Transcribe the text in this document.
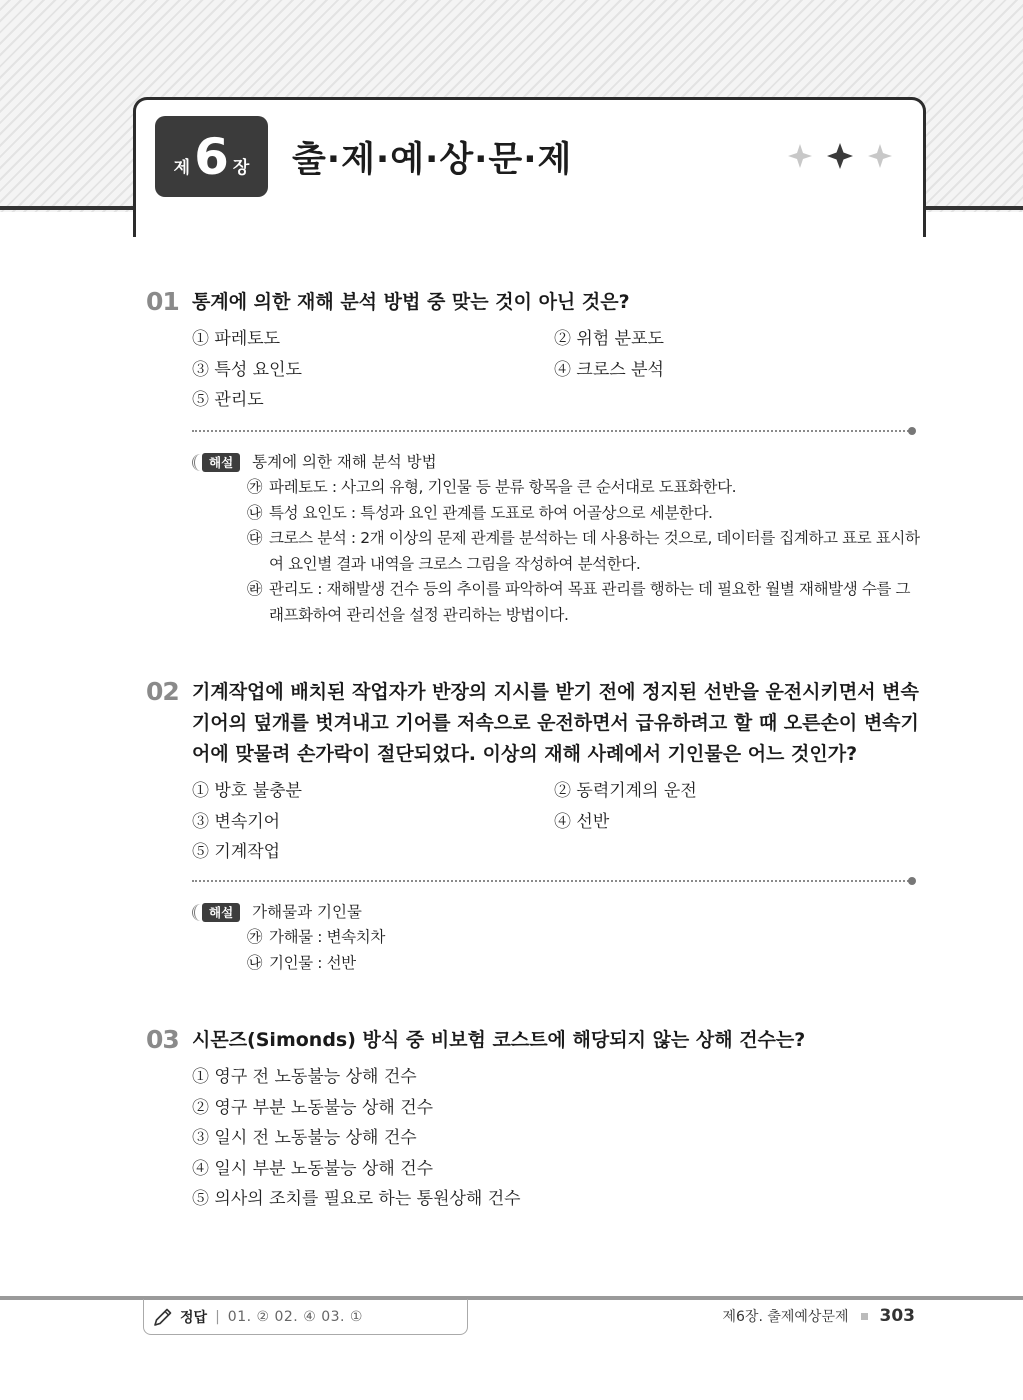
제 6 장 출·제·예·상·문·제
01 통계에 의한 재해 분석 방법 중 맞는 것이 아닌 것은?
① 파레토도	② 위험 분포도
③ 특성 요인도	④ 크로스 분석
⑤ 관리도
해설	통계에 의한 재해 분석 방법
㉮ 파레토도 : 사고의 유형, 기인물 등 분류 항목을 큰 순서대로 도표화한다.
㉯ 특성 요인도 : 특성과 요인 관계를 도표로 하여 어골상으로 세분한다.
㉰ 크로스 분석 : 2개 이상의 문제 관계를 분석하는 데 사용하는 것으로, 데이터를 집계하고 표로 표시하여 요인별 결과 내역을 크로스 그림을 작성하여 분석한다.
㉱ 관리도 : 재해발생 건수 등의 추이를 파악하여 목표 관리를 행하는 데 필요한 월별 재해발생 수를 그래프화하여 관리선을 설정 관리하는 방법이다.
02 기계작업에 배치된 작업자가 반장의 지시를 받기 전에 정지된 선반을 운전시키면서 변속기어의 덮개를 벗겨내고 기어를 저속으로 운전하면서 급유하려고 할 때 오른손이 변속기어에 맞물려 손가락이 절단되었다. 이상의 재해 사례에서 기인물은 어느 것인가?
① 방호 불충분	② 동력기계의 운전
③ 변속기어	④ 선반
⑤ 기계작업
해설	가해물과 기인물
㉮ 가해물 : 변속치차
㉯ 기인물 : 선반
03 시몬즈(Simonds) 방식 중 비보험 코스트에 해당되지 않는 상해 건수는?
① 영구 전 노동불능 상해 건수
② 영구 부분 노동불능 상해 건수
③ 일시 전 노동불능 상해 건수
④ 일시 부분 노동불능 상해 건수
⑤ 의사의 조치를 필요로 하는 통원상해 건수
정답 | 01. ② 02. ④ 03. ①	제6장. 출제예상문제 303
